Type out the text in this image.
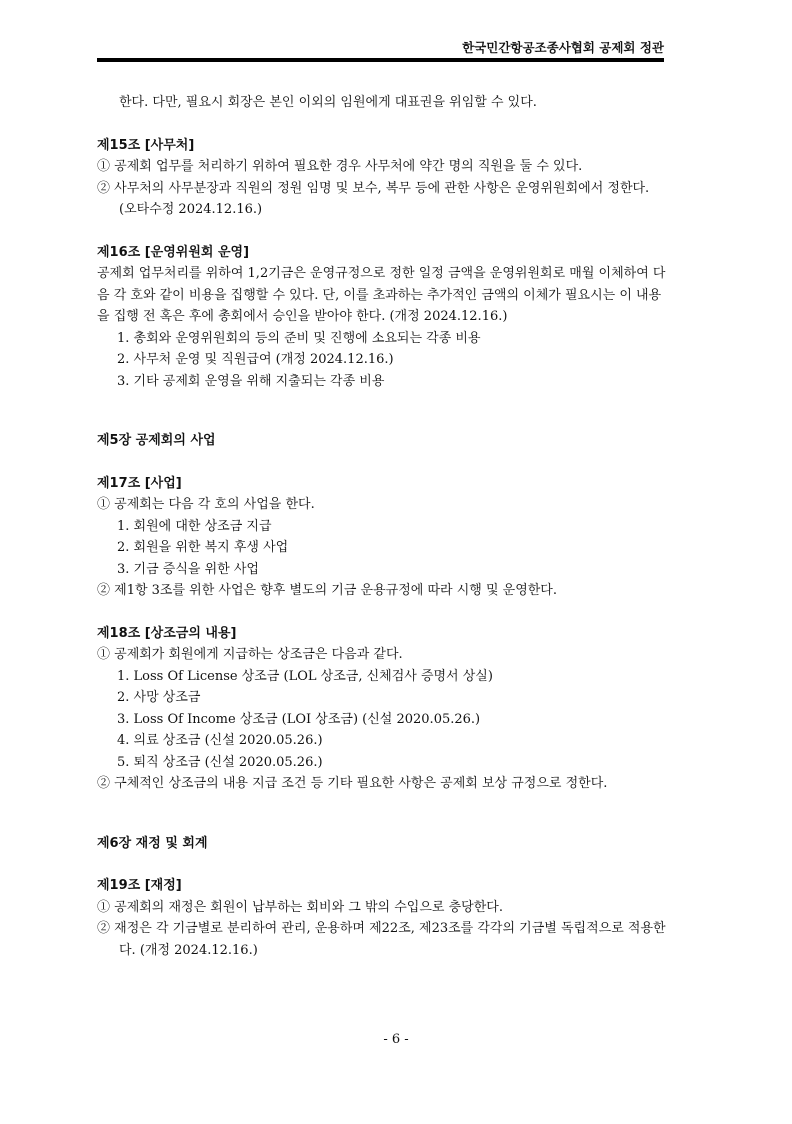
한국민간항공조종사협회 공제회 정관

한다. 다만, 필요시 회장은 본인 이외의 임원에게 대표권을 위임할 수 있다.

제15조 [사무처]

① 공제회 업무를 처리하기 위하여 필요한 경우 사무처에 약간 명의 직원을 둘 수 있다.

② 사무처의 사무분장과 직원의 정원 임명 및 보수, 복무 등에 관한 사항은 운영위원회에서 정한다. (오타수정 2024.12.16.)

제16조 [운영위원회 운영]

공제회 업무처리를 위하여 1,2기금은 운영규정으로 정한 일정 금액을 운영위원회로 매월 이체하여 다음 각 호와 같이 비용을 집행할 수 있다. 단, 이를 초과하는 추가적인 금액의 이체가 필요시는 이 내용을 집행 전 혹은 후에 총회에서 승인을 받아야 한다. (개정 2024.12.16.)

1. 총회와 운영위원회의 등의 준비 및 진행에 소요되는 각종 비용

2. 사무처 운영 및 직원급여 (개정 2024.12.16.)

3. 기타 공제회 운영을 위해 지출되는 각종 비용

제5장 공제회의 사업

제17조 [사업]

① 공제회는 다음 각 호의 사업을 한다.

1. 회원에 대한 상조금 지급

2. 회원을 위한 복지 후생 사업

3. 기금 증식을 위한 사업

② 제1항 3조를 위한 사업은 향후 별도의 기금 운용규정에 따라 시행 및 운영한다.

제18조 [상조금의 내용]

① 공제회가 회원에게 지급하는 상조금은 다음과 같다.

1. Loss Of License 상조금 (LOL 상조금, 신체검사 증명서 상실)

2. 사망 상조금

3. Loss Of Income 상조금 (LOI 상조금) (신설 2020.05.26.)

4. 의료 상조금 (신설 2020.05.26.)

5. 퇴직 상조금 (신설 2020.05.26.)

② 구체적인 상조금의 내용 지급 조건 등 기타 필요한 사항은 공제회 보상 규정으로 정한다.

제6장 재정 및 회계

제19조 [재정]

① 공제회의 재정은 회원이 납부하는 회비와 그 밖의 수입으로 충당한다.

② 재정은 각 기금별로 분리하여 관리, 운용하며 제22조, 제23조를 각각의 기금별 독립적으로 적용한다. (개정 2024.12.16.)

- 6 -
